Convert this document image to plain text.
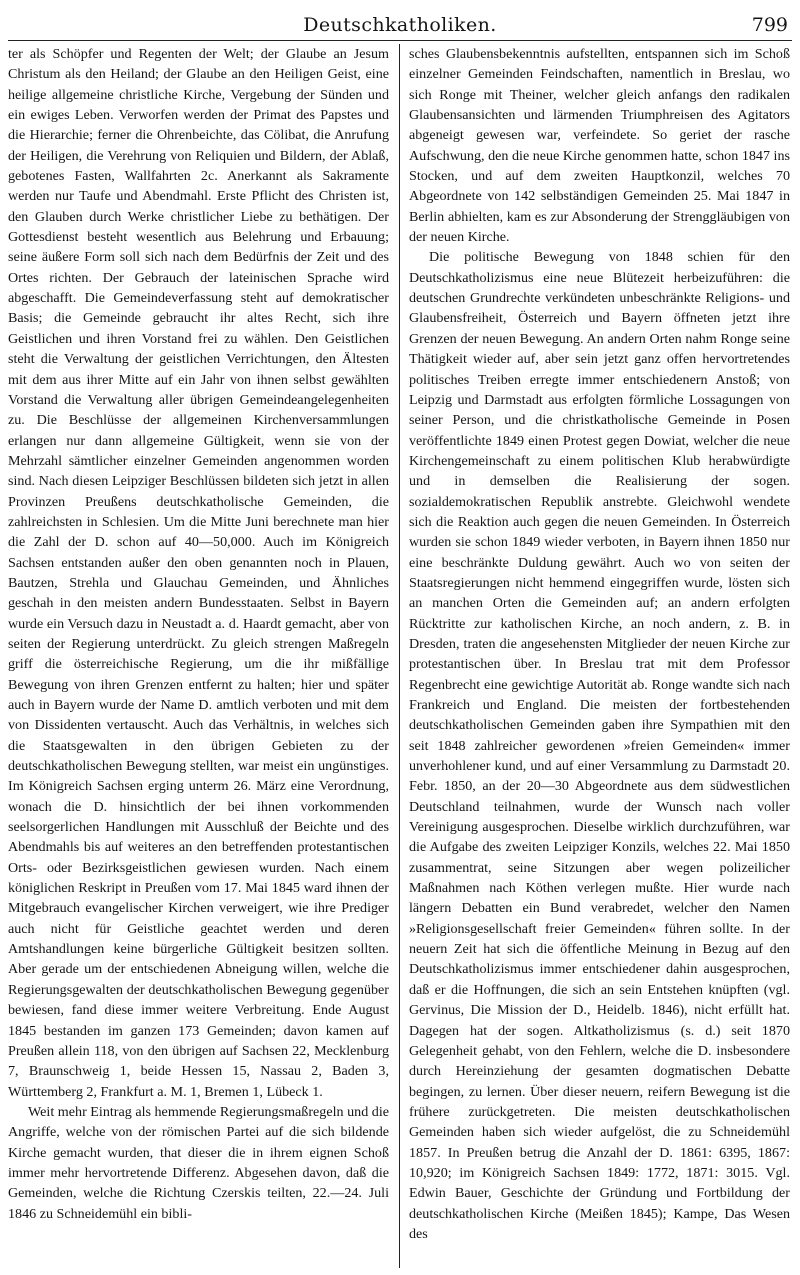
Deutschkatholiken.	799

ter als Schöpfer und Regenten der Welt; der Glaube an Jesum Christum als den Heiland; der Glaube an den Heiligen Geist, eine heilige allgemeine christliche Kirche, Vergebung der Sünden und ein ewiges Leben. Verworfen werden der Primat des Papstes und die Hierarchie; ferner die Ohrenbeichte, das Cölibat, die Anrufung der Heiligen, die Verehrung von Reliquien und Bildern, der Ablaß, gebotenes Fasten, Wallfahrten 2c. Anerkannt als Sakramente werden nur Taufe und Abendmahl. Erste Pflicht des Christen ist, den Glauben durch Werke christlicher Liebe zu bethätigen. Der Gottesdienst besteht wesentlich aus Belehrung und Erbauung; seine äußere Form soll sich nach dem Bedürfnis der Zeit und des Ortes richten. Der Gebrauch der lateinischen Sprache wird abgeschafft. Die Gemeindeverfassung steht auf demokratischer Basis; die Gemeinde gebraucht ihr altes Recht, sich ihre Geistlichen und ihren Vorstand frei zu wählen. Den Geistlichen steht die Verwaltung der geistlichen Verrichtungen, den Ältesten mit dem aus ihrer Mitte auf ein Jahr von ihnen selbst gewählten Vorstand die Verwaltung aller übrigen Gemeindeangelegenheiten zu. Die Beschlüsse der allgemeinen Kirchenversammlungen erlangen nur dann allgemeine Gültigkeit, wenn sie von der Mehrzahl sämtlicher einzelner Gemeinden angenommen worden sind. Nach diesen Leipziger Beschlüssen bildeten sich jetzt in allen Provinzen Preußens deutschkatholische Gemeinden, die zahlreichsten in Schlesien. Um die Mitte Juni berechnete man hier die Zahl der D. schon auf 40—50,000. Auch im Königreich Sachsen entstanden außer den oben genannten noch in Plauen, Bautzen, Strehla und Glauchau Gemeinden, und Ähnliches geschah in den meisten andern Bundesstaaten. Selbst in Bayern wurde ein Versuch dazu in Neustadt a. d. Haardt gemacht, aber von seiten der Regierung unterdrückt. Zu gleich strengen Maßregeln griff die österreichische Regierung, um die ihr mißfällige Bewegung von ihren Grenzen entfernt zu halten; hier und später auch in Bayern wurde der Name D. amtlich verboten und mit dem von Dissidenten vertauscht. Auch das Verhältnis, in welches sich die Staatsgewalten in den übrigen Gebieten zu der deutschkatholischen Bewegung stellten, war meist ein ungünstiges. Im Königreich Sachsen erging unterm 26. März eine Verordnung, wonach die D. hinsichtlich der bei ihnen vorkommenden seelsorgerlichen Handlungen mit Ausschluß der Beichte und des Abendmahls bis auf weiteres an den betreffenden protestantischen Orts- oder Bezirksgeistlichen gewiesen wurden. Nach einem königlichen Reskript in Preußen vom 17. Mai 1845 ward ihnen der Mitgebrauch evangelischer Kirchen verweigert, wie ihre Prediger auch nicht für Geistliche geachtet werden und deren Amtshandlungen keine bürgerliche Gültigkeit besitzen sollten. Aber gerade um der entschiedenen Abneigung willen, welche die Regierungsgewalten der deutschkatholischen Bewegung gegenüber bewiesen, fand diese immer weitere Verbreitung. Ende August 1845 bestanden im ganzen 173 Gemeinden; davon kamen auf Preußen allein 118, von den übrigen auf Sachsen 22, Mecklenburg 7, Braunschweig 1, beide Hessen 15, Nassau 2, Baden 3, Württemberg 2, Frankfurt a. M. 1, Bremen 1, Lübeck 1.

Weit mehr Eintrag als hemmende Regierungsmaßregeln und die Angriffe, welche von der römischen Partei auf die sich bildende Kirche gemacht wurden, that dieser die in ihrem eignen Schoß immer mehr hervortretende Differenz. Abgesehen davon, daß die Gemeinden, welche die Richtung Czerskis teilten, 22.—24. Juli 1846 zu Schneidemühl ein bibli-

sches Glaubensbekenntnis aufstellten, entspannen sich im Schoß einzelner Gemeinden Feindschaften, namentlich in Breslau, wo sich Ronge mit Theiner, welcher gleich anfangs den radikalen Glaubensansichten und lärmenden Triumphreisen des Agitators abgeneigt gewesen war, verfeindete. So geriet der rasche Aufschwung, den die neue Kirche genommen hatte, schon 1847 ins Stocken, und auf dem zweiten Hauptkonzil, welches 70 Abgeordnete von 142 selbständigen Gemeinden 25. Mai 1847 in Berlin abhielten, kam es zur Absonderung der Strenggläubigen von der neuen Kirche.

Die politische Bewegung von 1848 schien für den Deutschkatholizismus eine neue Blütezeit herbeizuführen: die deutschen Grundrechte verkündeten unbeschränkte Religions- und Glaubensfreiheit, Österreich und Bayern öffneten jetzt ihre Grenzen der neuen Bewegung. An andern Orten nahm Ronge seine Thätigkeit wieder auf, aber sein jetzt ganz offen hervortretendes politisches Treiben erregte immer entschiedenern Anstoß; von Leipzig und Darmstadt aus erfolgten förmliche Lossagungen von seiner Person, und die christkatholische Gemeinde in Posen veröffentlichte 1849 einen Protest gegen Dowiat, welcher die neue Kirchengemeinschaft zu einem politischen Klub herabwürdigte und in demselben die Realisierung der sogen. sozialdemokratischen Republik anstrebte. Gleichwohl wendete sich die Reaktion auch gegen die neuen Gemeinden. In Österreich wurden sie schon 1849 wieder verboten, in Bayern ihnen 1850 nur eine beschränkte Duldung gewährt. Auch wo von seiten der Staatsregierungen nicht hemmend eingegriffen wurde, lösten sich an manchen Orten die Gemeinden auf; an andern erfolgten Rücktritte zur katholischen Kirche, an noch andern, z. B. in Dresden, traten die angesehensten Mitglieder der neuen Kirche zur protestantischen über. In Breslau trat mit dem Professor Regenbrecht eine gewichtige Autorität ab. Ronge wandte sich nach Frankreich und England. Die meisten der fortbestehenden deutschkatholischen Gemeinden gaben ihre Sympathien mit den seit 1848 zahlreicher gewordenen »freien Gemeinden« immer unverhohlener kund, und auf einer Versammlung zu Darmstadt 20. Febr. 1850, an der 20—30 Abgeordnete aus dem südwestlichen Deutschland teilnahmen, wurde der Wunsch nach voller Vereinigung ausgesprochen. Dieselbe wirklich durchzuführen, war die Aufgabe des zweiten Leipziger Konzils, welches 22. Mai 1850 zusammentrat, seine Sitzungen aber wegen polizeilicher Maßnahmen nach Köthen verlegen mußte. Hier wurde nach längern Debatten ein Bund verabredet, welcher den Namen »Religionsgesellschaft freier Gemeinden« führen sollte. In der neuern Zeit hat sich die öffentliche Meinung in Bezug auf den Deutschkatholizismus immer entschiedener dahin ausgesprochen, daß er die Hoffnungen, die sich an sein Entstehen knüpften (vgl. Gervinus, Die Mission der D., Heidelb. 1846), nicht erfüllt hat. Dagegen hat der sogen. Altkatholizismus (s. d.) seit 1870 Gelegenheit gehabt, von den Fehlern, welche die D. insbesondere durch Hereinziehung der gesamten dogmatischen Debatte begingen, zu lernen. Über dieser neuern, reifern Bewegung ist die frühere zurückgetreten. Die meisten deutschkatholischen Gemeinden haben sich wieder aufgelöst, die zu Schneidemühl 1857. In Preußen betrug die Anzahl der D. 1861: 6395, 1867: 10,920; im Königreich Sachsen 1849: 1772, 1871: 3015. Vgl. Edwin Bauer, Geschichte der Gründung und Fortbildung der deutschkatholischen Kirche (Meißen 1845); Kampe, Das Wesen des
